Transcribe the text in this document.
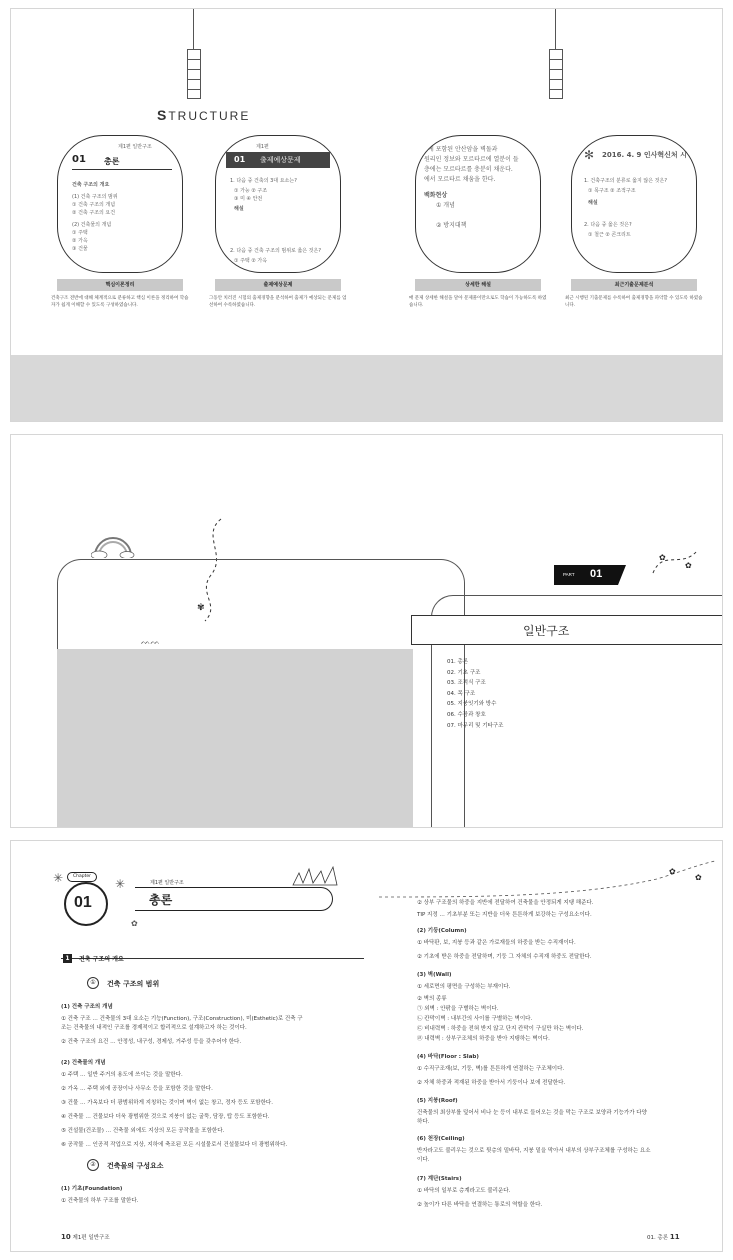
STRUCTURE
제1편 일반구조
01 총론
건축 구조의 개요
(1) 건축 구조의 범위
① 건축 구조의 개념
② 건축 구조의 요건
(2) 건축물의 개념
① 주택
② 가옥
③ 건물
01 출제예상문제
제1편
1. 다음 중 건축의 3대 요소는?
① 가능 ② 구조
③ 미 ④ 안전
해설
2. 다음 중 건축 구조의 범위로 옳은 것은?
① 주택 ② 가옥
에 포함된 안산암을 벽돌과
원리인 정보와 모르타르에 열분이 들
층에는 모르타르를 충분히 채운다.
에서 모르타르 채움을 한다.
백화현상
① 개념
② 방지대책
✻	2016. 4. 9 인사혁신처 시행
1. 건축구조의 분류로 옳지 않은 것은?
① 목구조 ② 조적구조
해설
2. 다음 중 옳은 것은?
① 철근 ② 콘크리트
핵심이론정리	출제예상문제	상세한 해설	최근기출문제분석

건축구조 전반에 대해 체계적으로 분류하고 핵심 이론을 정리하여 학습자가 쉽게 이해할 수 있도록 구성하였습니다.

그동안 치러진 시험의 출제경향을 분석하여 출제가 예상되는 문제를 엄선하여 수록하였습니다.

매 문제 상세한 해설을 달아 문제풀이만으로도 학습이 가능하도록 하였습니다.

최근 시행된 기출문제를 수록하여 출제경향을 파악할 수 있도록 하였습니다.

✿
✿
✾
ᨓᨓ
PART 01
일반구조
01. 총론
02. 기초 구조
03. 조적식 구조
04. 목 구조
05. 지붕잇기와 방수
06. 수장과 창호
07. 마무리 및 기타구조
✳	✳
✿
01
Chapter
제1편 일반구조
총론
1	건축 구조의 개요
①	건축 구조의 범위
(1) 건축 구조의 개념
① 건축 구조 … 건축물의 3대 요소는 기능(Function), 구조(Construction), 미(Esthetic)로 건축 구
조는 건축물의 내적인 구조를 경제적이고 합리적으로 설계하고자 하는 것이다.
② 건축 구조의 요건 … 안정성, 내구성, 경제성, 거주성 등을 갖추어야 한다.
(2) 건축물의 개념
① 주택 … 일반 주거의 용도에 쓰이는 것을 말한다.
② 가옥 … 주택 외에 공장이나 사무소 등을 포함한 것을 말한다.
③ 건물 … 가옥보다 더 광범위하게 지칭하는 것이며 벽이 없는 창고, 정자 등도 포함한다.
④ 건축물 … 건물보다 더욱 광범위한 것으로 지붕이 없는 굴뚝, 담장, 탑 등도 포함한다.
⑤ 건설물(건조물) … 건축물 외에도 지상의 모든 공작물을 포함한다.
⑥ 공작물 … 인공적 작업으로 지상, 지하에 축조된 모든 시설물로서 건설물보다 더 광범위하다.
②	건축물의 구성요소
(1) 기초(Foundation)
① 건축물의 하부 구조를 말한다.
✿
✿
② 상부 구조물의 하중을 지반에 전달하여 건축물을 안정되게 지탱 해준다.
TIP 지정 … 기초부분 또는 지반을 더욱 튼튼하게 보강하는 구성요소이다.
(2) 기둥(Column)
① 바닥판, 보, 지붕 등과 같은 가로재들의 하중을 받는 수직재이다.
② 기초에 받은 하중을 전달하며, 기둥 그 자체의 수직재 하중도 전달한다.
(3) 벽(Wall)
① 세로면의 평면을 구성하는 부재이다.
② 벽의 종류
㉠ 외벽 : 안팎을 구별하는 벽이다.
㉡ 칸막이벽 : 내부간의 사이를 구별하는 벽이다.
㉢ 비내력벽 : 하중을 전혀 받지 않고 단지 칸막이 구실만 하는 벽이다.
㉣ 내력벽 : 상부구조체의 하중을 받아 지탱하는 벽이다.
(4) 바닥(Floor : Slab)
① 수직구조재(보, 기둥, 벽)를 튼튼하게 연결하는 구조체이다.
② 자체 하중과 적재된 하중을 받아서 기둥이나 보에 전달한다.
(5) 지붕(Roof)
건축물의 최상부를 덮어서 비나 눈 등이 내부로 들어오는 것을 막는 구조로 보양과 기능가가 다양
하다.
(6) 천장(Ceiling)
반자라고도 불리우는 것으로 뒷층의 밑바닥, 지붕 밑을 막아서 내부의 상부구조체를 구성하는 요소
이다.
(7) 계단(Stairs)
① 바닥의 일부로 층계라고도 불리운다.
② 높이가 다른 바닥을 연결하는 통로의 역할을 한다.
10 제1편 일반구조	01. 총론 11
